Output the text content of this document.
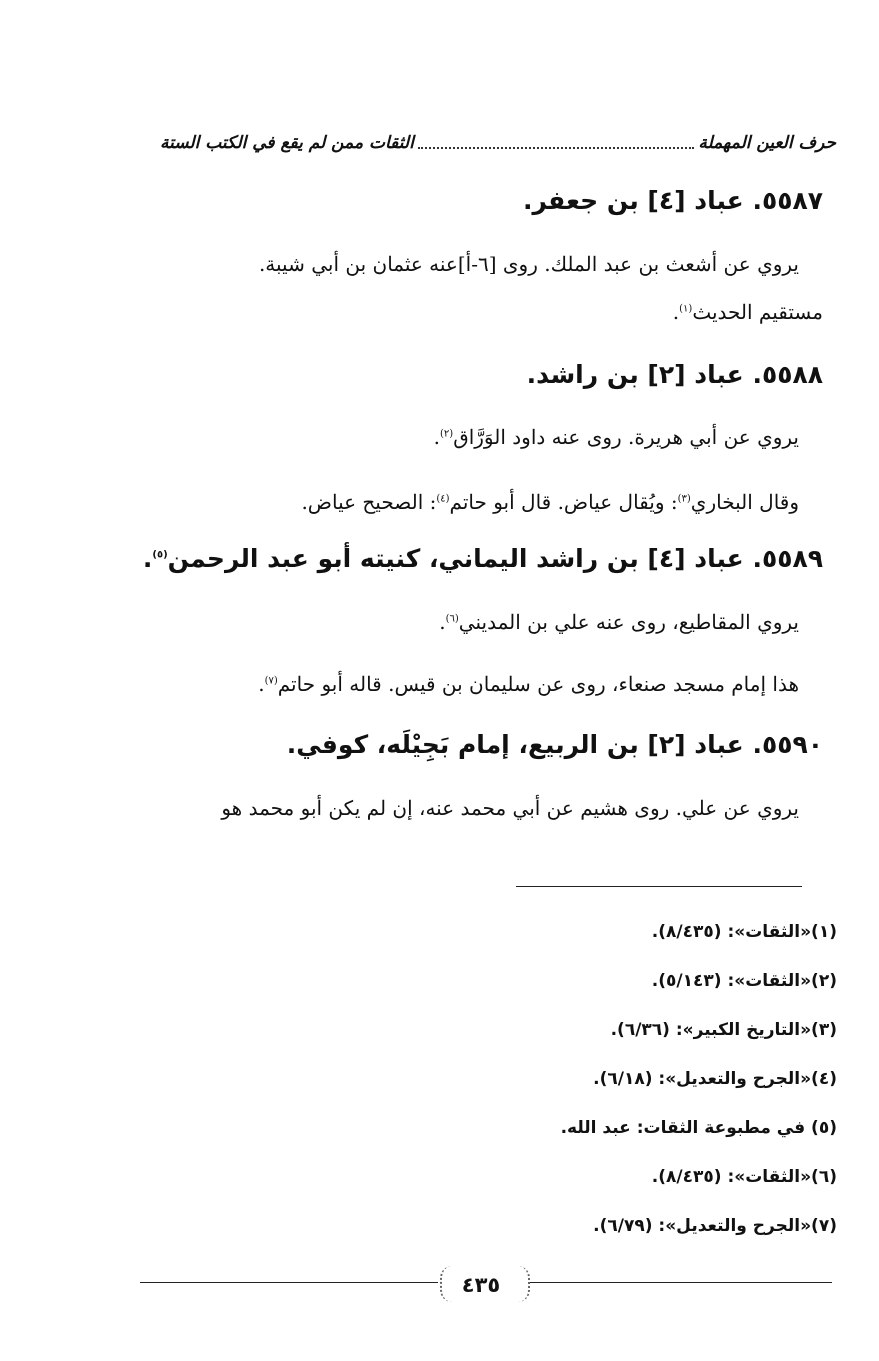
حرف العين المهملة
الثقات ممن لم يقع في الكتب الستة
٥٥٨٧. عباد [٤] بن جعفر.
يروي عن أشعث بن عبد الملك. روى [٦-أ]عنه عثمان بن أبي شيبة.
مستقيم الحديث$^{(١)}$.
٥٥٨٨. عباد [٢] بن راشد.
يروي عن أبي هريرة. روى عنه داود الوَرَّاق$^{(٢)}$.
وقال البخاري$^{(٣)}$: ويُقال عياض. قال أبو حاتم$^{(٤)}$: الصحيح عياض.
٥٥٨٩. عباد [٤] بن راشد اليماني، كنيته أبو عبد الرحمن$^{(٥)}$.
يروي المقاطيع، روى عنه علي بن المديني$^{(٦)}$.
هذا إمام مسجد صنعاء، روى عن سليمان بن قيس. قاله أبو حاتم$^{(٧)}$.
٥٥٩٠. عباد [٢] بن الربيع، إمام بَجِيْلَه، كوفي.
يروي عن علي. روى هشيم عن أبي محمد عنه، إن لم يكن أبو محمد هو
(١)«الثقات»: (٨/٤٣٥).
(٢)«الثقات»: (٥/١٤٣).
(٣)«التاريخ الكبير»: (٦/٣٦).
(٤)«الجرح والتعديل»: (٦/١٨).
(٥) في مطبوعة الثقات: عبد الله.
(٦)«الثقات»: (٨/٤٣٥).
(٧)«الجرح والتعديل»: (٦/٧٩).
٤٣٥
